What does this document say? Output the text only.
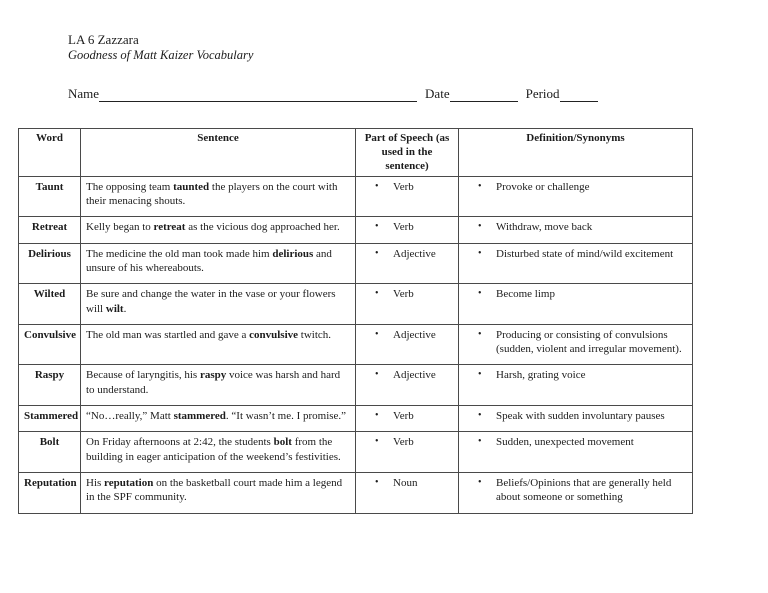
LA 6 Zazzara
Goodness of Matt Kaizer Vocabulary
Name	Date	Period
Word	Sentence	Part of Speech (as used in the sentence)	Definition/Synonyms
Taunt	The opposing team taunted the players on the court with their menacing shouts.	• Verb	• Provoke or challenge

Retreat	Kelly began to retreat as the vicious dog approached her.	• Verb	• Withdraw, move back

Delirious	The medicine the old man took made him delirious and unsure of his whereabouts.	• Adjective	• Disturbed state of mind/wild excitement

Wilted	Be sure and change the water in the vase or your flowers will wilt.	• Verb	• Become limp

Convulsive	The old man was startled and gave a convulsive twitch.	• Adjective	• Producing or consisting of convulsions (sudden, violent and irregular movement).

Raspy	Because of laryngitis, his raspy voice was harsh and hard to understand.	• Adjective	• Harsh, grating voice

Stammered	“No…really,” Matt stammered. “It wasn’t me. I promise.”	• Verb	• Speak with sudden involuntary pauses

Bolt	On Friday afternoons at 2:42, the students bolt from the building in eager anticipation of the weekend’s festivities.	• Verb	• Sudden, unexpected movement

Reputation	His reputation on the basketball court made him a legend in the SPF community.	• Noun	• Beliefs/Opinions that are generally held about someone or something
